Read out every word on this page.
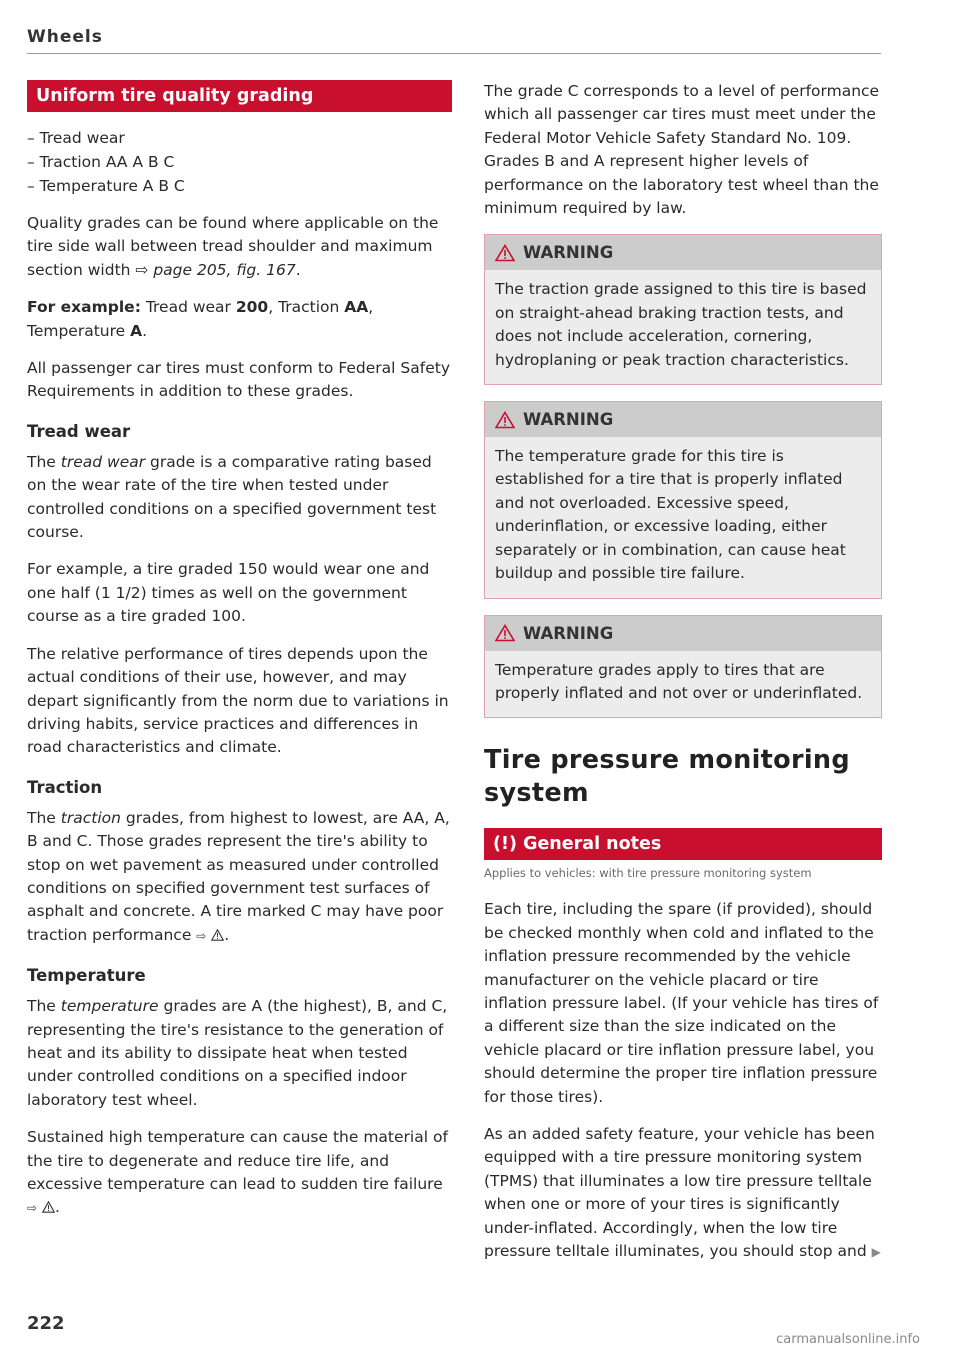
Wheels
Uniform tire quality grading
– Tread wear
– Traction AA A B C
– Temperature A B C

Quality grades can be found where applicable on the tire side wall between tread shoulder and maximum section width ⇨ page 205, fig. 167.

For example: Tread wear 200, Traction AA, Temperature A.

All passenger car tires must conform to Federal Safety Requirements in addition to these grades.

Tread wear

The tread wear grade is a comparative rating based on the wear rate of the tire when tested under controlled conditions on a specified government test course.

For example, a tire graded 150 would wear one and one half (1 1/2) times as well on the government course as a tire graded 100.

The relative performance of tires depends upon the actual conditions of their use, however, and may depart significantly from the norm due to variations in driving habits, service practices and differences in road characteristics and climate.

Traction

The traction grades, from highest to lowest, are AA, A, B and C. Those grades represent the tire's ability to stop on wet pavement as measured under controlled conditions on specified government test surfaces of asphalt and concrete. A tire marked C may have poor traction performance ⇨ .

Temperature

The temperature grades are A (the highest), B, and C, representing the tire's resistance to the generation of heat and its ability to dissipate heat when tested under controlled conditions on a specified indoor laboratory test wheel.

Sustained high temperature can cause the material of the tire to degenerate and reduce tire life, and excessive temperature can lead to sudden tire failure ⇨ .

The grade C corresponds to a level of performance which all passenger car tires must meet under the Federal Motor Vehicle Safety Standard No. 109. Grades B and A represent higher levels of performance on the laboratory test wheel than the minimum required by law.

WARNING

The traction grade assigned to this tire is based on straight-ahead braking traction tests, and does not include acceleration, cornering, hydroplaning or peak traction characteristics.

WARNING

The temperature grade for this tire is established for a tire that is properly inflated and not overloaded. Excessive speed, underinflation, or excessive loading, either separately or in combination, can cause heat buildup and possible tire failure.

WARNING

Temperature grades apply to tires that are properly inflated and not over or underinflated.

Tire pressure monitoring system
(!) General notes
Applies to vehicles: with tire pressure monitoring system

Each tire, including the spare (if provided), should be checked monthly when cold and inflated to the inflation pressure recommended by the vehicle manufacturer on the vehicle placard or tire inflation pressure label. (If your vehicle has tires of a different size than the size indicated on the vehicle placard or tire inflation pressure label, you should determine the proper tire inflation pressure for those tires).

As an added safety feature, your vehicle has been equipped with a tire pressure monitoring system (TPMS) that illuminates a low tire pressure telltale when one or more of your tires is significantly under-inflated. Accordingly, when the low tire pressure telltale illuminates, you should stop and ▶

222
carmanualsonline.info
